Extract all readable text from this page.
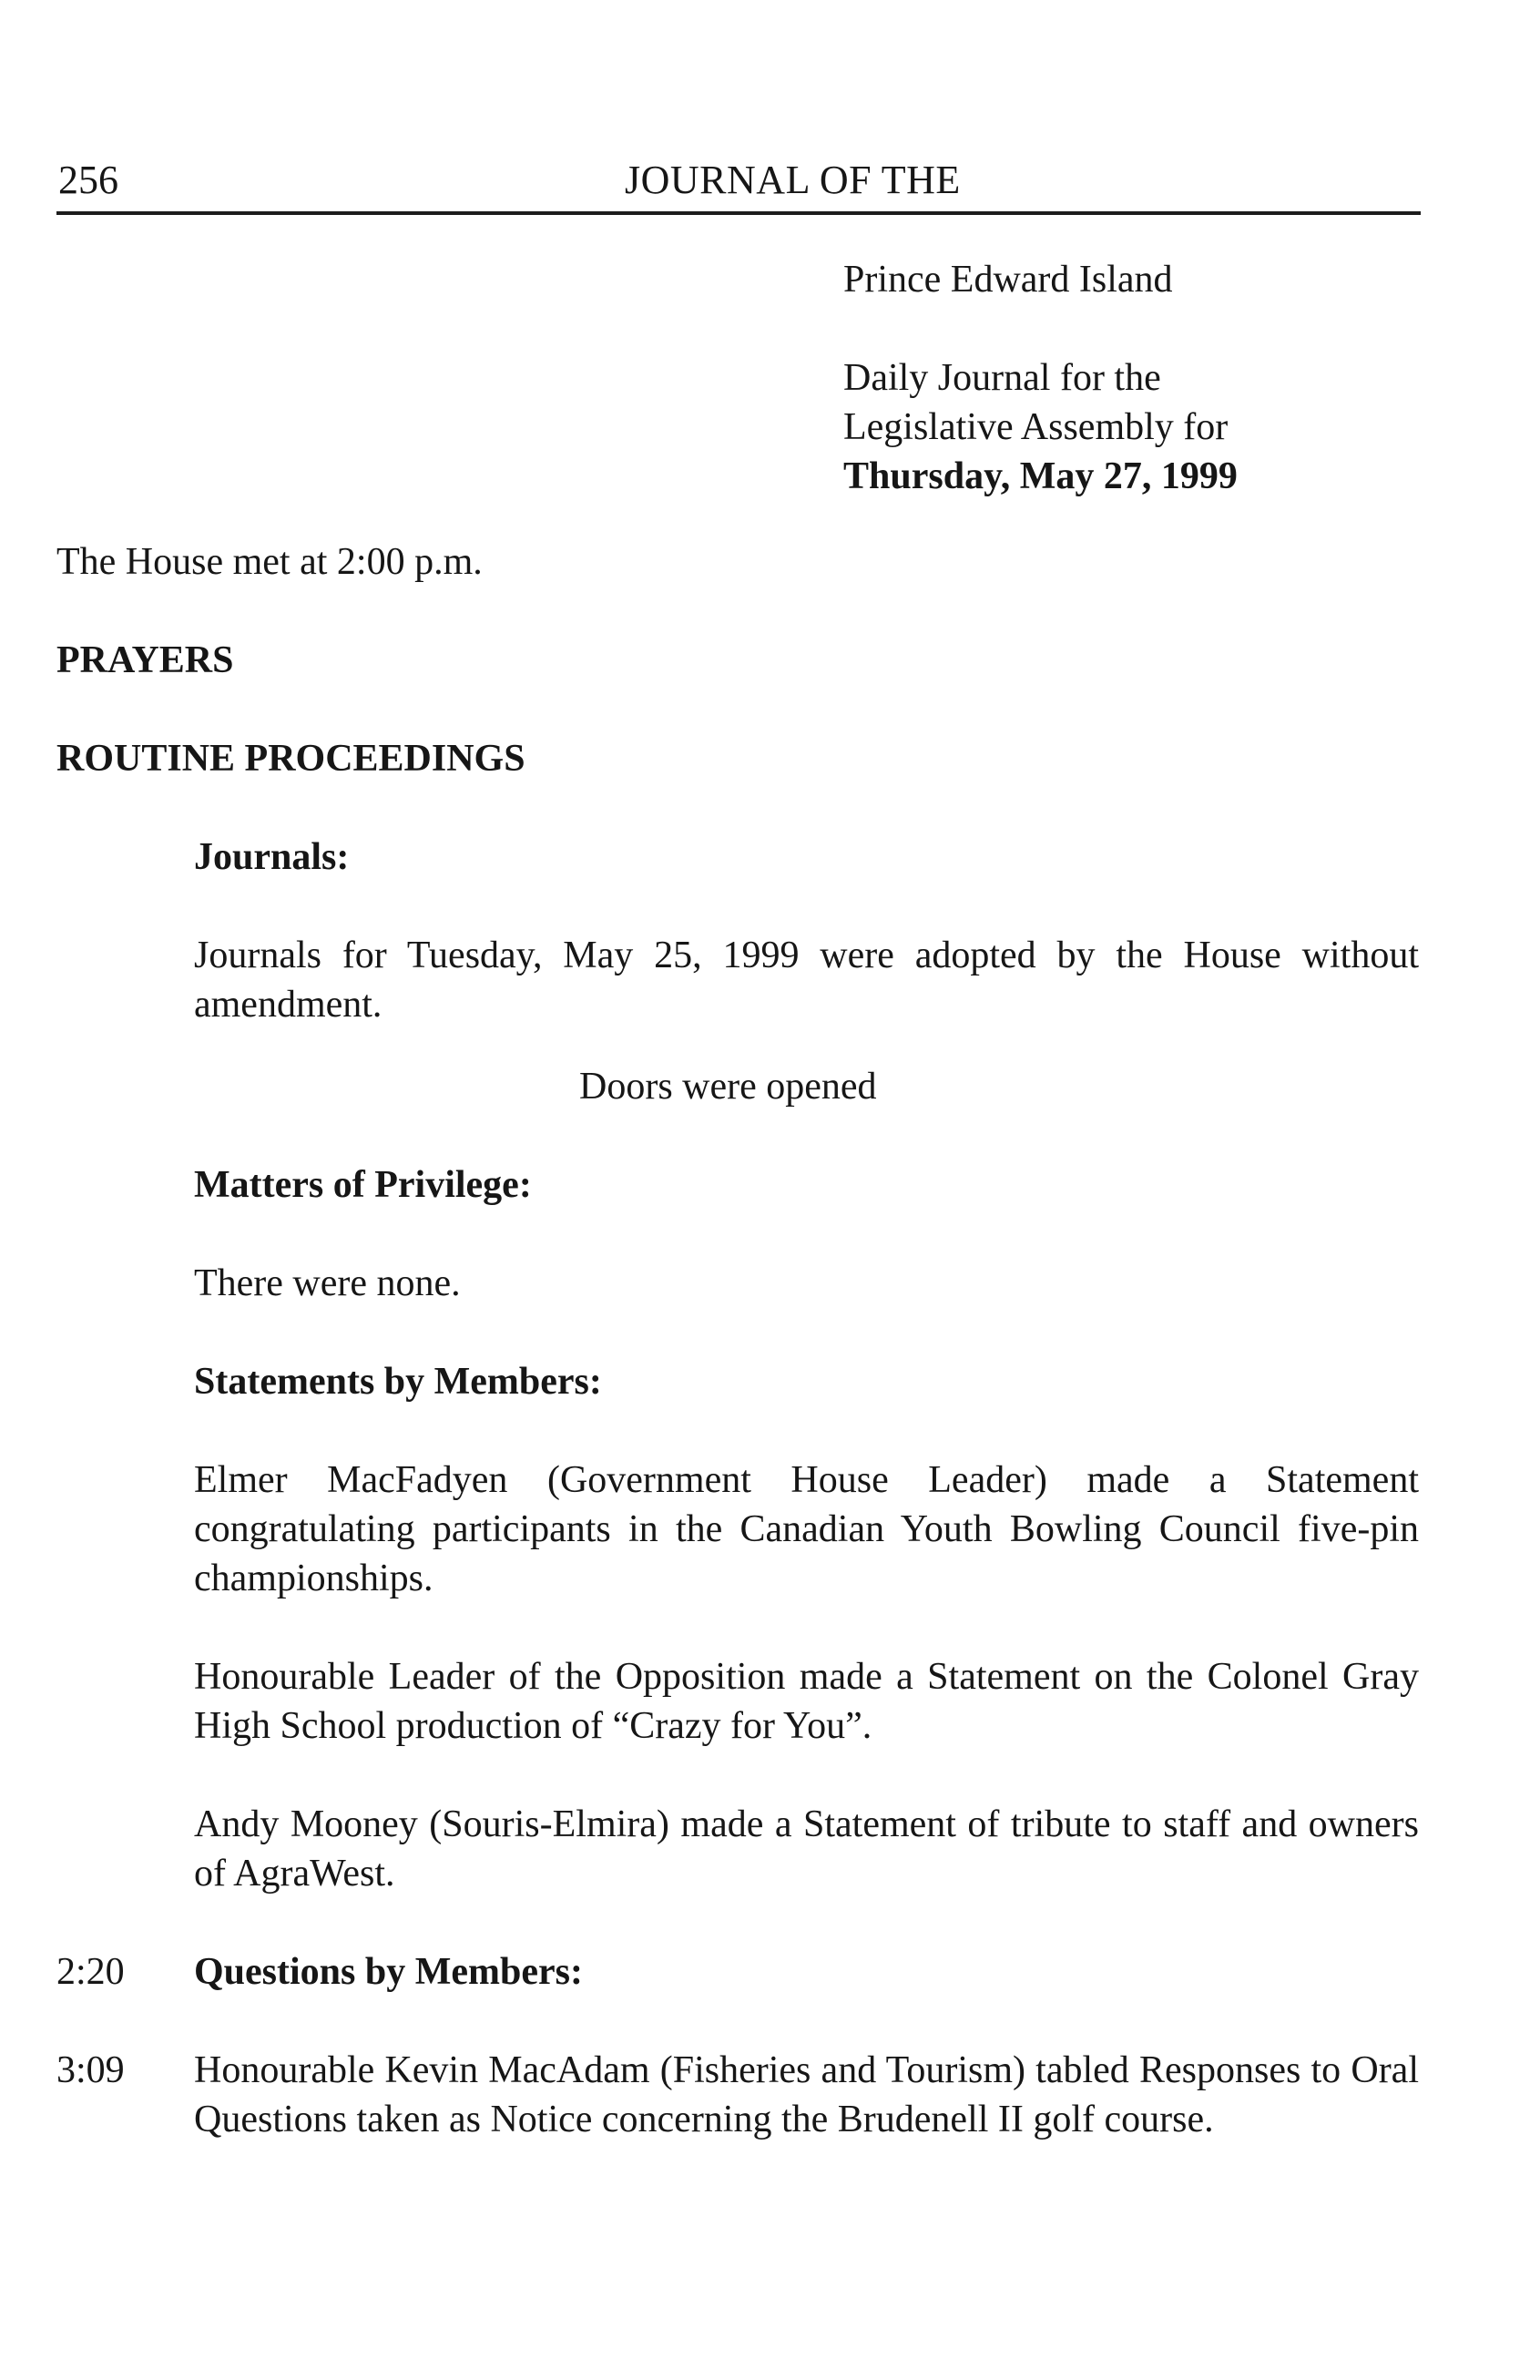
256	JOURNAL OF THE
Prince Edward Island
Daily Journal for the
Legislative Assembly for
Thursday, May 27, 1999
The House met at 2:00 p.m.
PRAYERS
ROUTINE PROCEEDINGS
Journals:
Journals for Tuesday, May 25, 1999 were adopted by the House without amendment.
Doors were opened
Matters of Privilege:
There were none.
Statements by Members:
Elmer MacFadyen (Government House Leader) made a Statement congratulating participants in the Canadian Youth Bowling Council five-pin championships.
Honourable Leader of the Opposition made a Statement on the Colonel Gray High School production of “Crazy for You”.
Andy Mooney (Souris-Elmira) made a Statement of tribute to staff and owners of AgraWest.
2:20 Questions by Members:
3:09 Honourable Kevin MacAdam (Fisheries and Tourism) tabled Responses to Oral Questions taken as Notice concerning the Brudenell II golf course.
